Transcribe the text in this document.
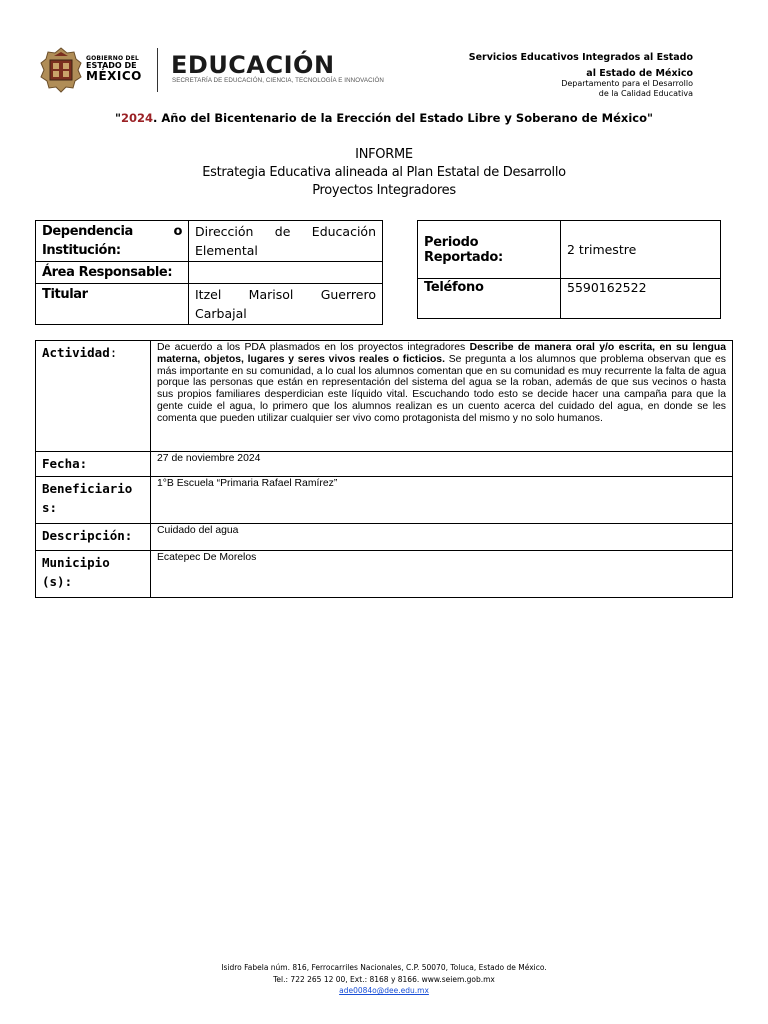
GOBIERNO DEL
ESTADO DE
MÉXICO EDUCACIÓN
SECRETARÍA DE EDUCACIÓN, CIENCIA, TECNOLOGÍA E INNOVACIÓN
Servicios Educativos Integrados al Estado
al Estado de México
Departamento para el Desarrollo
de la Calidad Educativa
"2024. Año del Bicentenario de la Erección del Estado Libre y Soberano de México"
INFORME
Estrategia Educativa alineada al Plan Estatal de Desarrollo
Proyectos Integradores
Dependencia o
Institución:	Dirección de Educación Elemental
Área Responsable:	
Titular	Itzel Marisol Guerrero Carbajal
Periodo Reportado:	2 trimestre
Teléfono	5590162522
Actividad:	De acuerdo a los PDA plasmados en los proyectos integradores Describe de manera oral y/o escrita, en su lengua materna, objetos, lugares y seres vivos reales o ficticios. Se pregunta a los alumnos que problema observan que es más importante en su comunidad, a lo cual los alumnos comentan que en su comunidad es muy recurrente la falta de agua porque las personas que están en representación del sistema del agua se la roban, además de que sus vecinos o hasta sus propios familiares desperdician este líquido vital. Escuchando todo esto se decide hacer una campaña para que la gente cuide el agua, lo primero que los alumnos realizan es un cuento acerca del cuidado del agua, en donde se les comenta que pueden utilizar cualquier ser vivo como protagonista del mismo y no solo humanos.
Fecha:	27 de noviembre 2024

Beneficiario
s:	1°B Escuela “Primaria Rafael Ramírez”
Descripción:	Cuidado del agua

Municipio
(s):	Ecatepec De Morelos
Isidro Fabela núm. 816, Ferrocarriles Nacionales, C.P. 50070, Toluca, Estado de México.
Tel.: 722 265 12 00, Ext.: 8168 y 8166. www.seiem.gob.mx
ade0084o@dee.edu.mx
